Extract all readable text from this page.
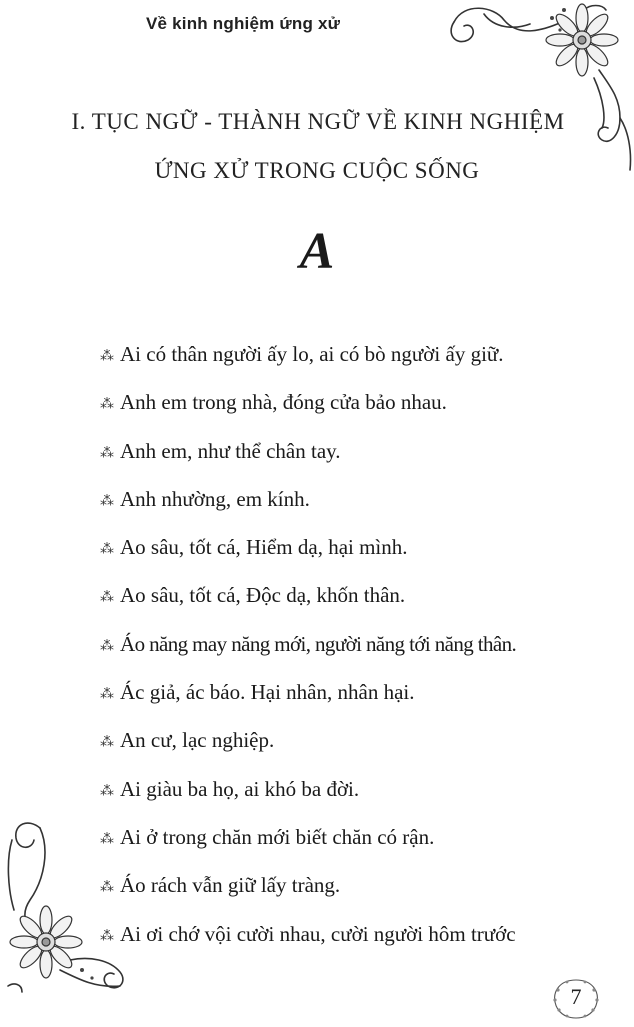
Về kinh nghiệm ứng xử
I. TỤC NGỮ - THÀNH NGỮ VỀ KINH NGHIỆM
ỨNG XỬ TRONG CUỘC SỐNG
A
⁂ Ai có thân người ấy lo, ai có bò người ấy giữ.
⁂ Anh em trong nhà, đóng cửa bảo nhau.
⁂ Anh em, như thể chân tay.
⁂ Anh nhường, em kính.
⁂ Ao sâu, tốt cá, Hiểm dạ, hại mình.
⁂ Ao sâu, tốt cá, Độc dạ, khốn thân.
⁂ Áo năng may năng mới, người năng tới năng thân.
⁂ Ác giả, ác báo. Hại nhân, nhân hại.
⁂ An cư, lạc nghiệp.
⁂ Ai giàu ba họ, ai khó ba đời.
⁂ Ai ở trong chăn mới biết chăn có rận.
⁂ Áo rách vẫn giữ lấy tràng.
⁂ Ai ơi chớ vội cười nhau, cười người hôm trước
7
